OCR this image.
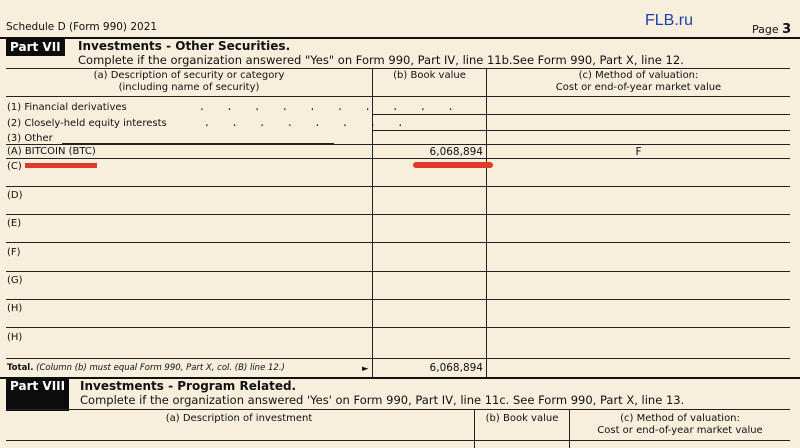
Schedule D (Form 990) 2021	FLB.ru
Page 3
Part VII	Investments - Other Securities.
Complete if the organization answered "Yes" on Form 990, Part IV, line 11b.See Form 990, Part X, line 12.
(a) Description of security or category
(including name of security)
(b) Book value	(c) Method of valuation:
Cost or end-of-year market value
(1) Financial derivatives	. . . . . . . . . .
(2) Closely-held equity interests	. . . . . . . .
(3) Other
(A) BITCOIN (BTC)	6,068,894	F
(C)
(D)
(E)
(F)
(G)
(H)
(H)
Total. (Column (b) must equal Form 990, Part X, col. (B) line 12.)	►	6,068,894
Part VIII	Investments - Program Related.
Complete if the organization answered 'Yes' on Form 990, Part IV, line 11c. See Form 990, Part X, line 13.
(a) Description of investment	(b) Book value	(c) Method of valuation:
Cost or end-of-year market value
